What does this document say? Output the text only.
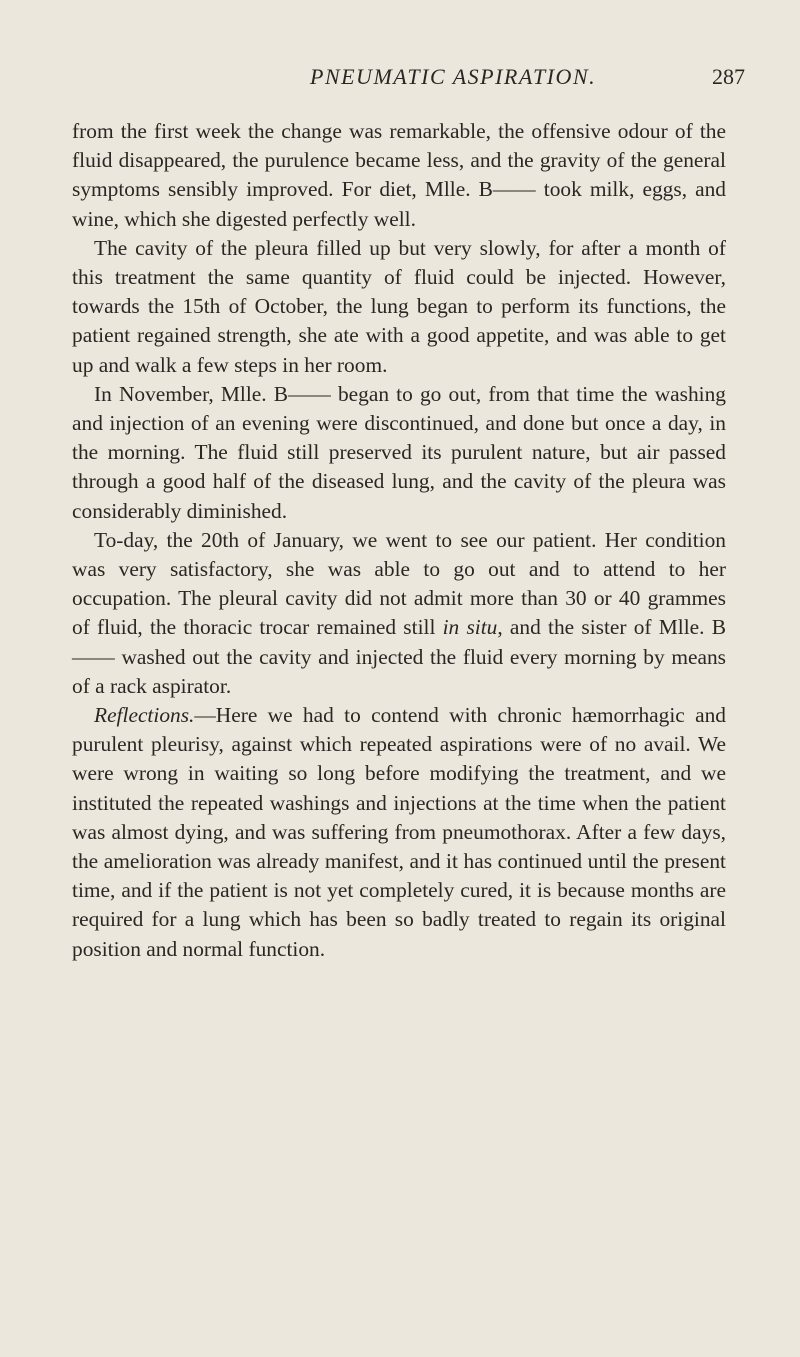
PNEUMATIC ASPIRATION.	287

from the first week the change was remarkable, the offensive odour of the fluid disappeared, the purulence became less, and the gravity of the general symptoms sensibly improved. For diet, Mlle. B—— took milk, eggs, and wine, which she digested perfectly well.

The cavity of the pleura filled up but very slowly, for after a month of this treatment the same quantity of fluid could be injected. However, towards the 15th of October, the lung began to perform its functions, the patient regained strength, she ate with a good appetite, and was able to get up and walk a few steps in her room.

In November, Mlle. B—— began to go out, from that time the washing and injection of an evening were discontinued, and done but once a day, in the morning. The fluid still preserved its purulent nature, but air passed through a good half of the diseased lung, and the cavity of the pleura was considerably diminished.

To-day, the 20th of January, we went to see our patient. Her condition was very satisfactory, she was able to go out and to attend to her occupation. The pleural cavity did not admit more than 30 or 40 grammes of fluid, the thoracic trocar remained still in situ, and the sister of Mlle. B—— washed out the cavity and injected the fluid every morning by means of a rack aspirator.

Reflections.—Here we had to contend with chronic hæmorrhagic and purulent pleurisy, against which repeated aspirations were of no avail. We were wrong in waiting so long before modifying the treatment, and we instituted the repeated washings and injections at the time when the patient was almost dying, and was suffering from pneumothorax. After a few days, the amelioration was already manifest, and it has continued until the present time, and if the patient is not yet completely cured, it is because months are required for a lung which has been so badly treated to regain its original position and normal function.
